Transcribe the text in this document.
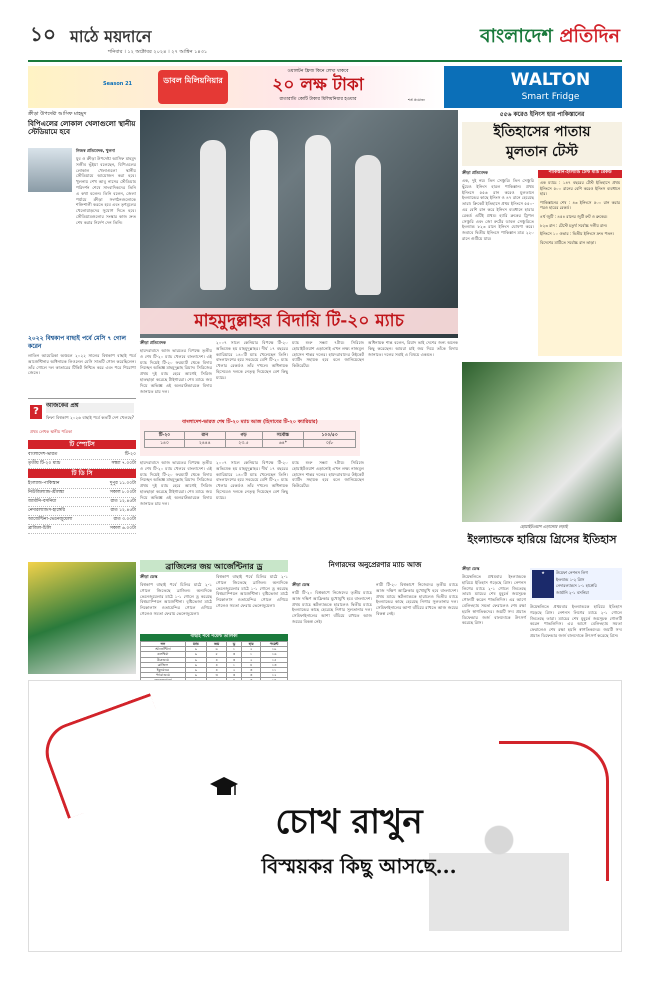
১০ মাঠে ময়দানে
শনিবার । ১২ অক্টোবর ২০২৪ । ২৭ আশ্বিন ১৪৩১
বাংলাদেশ প্রতিদিন
ডাবল মিলিয়নিয়ার
Season 21
ওয়ালটন ফ্রিজ কিনে লেখা থাকবে
২০ লক্ষ টাকা
রাতারাতি কোটি টাকার মিলিয়নিয়ার হওয়ার	শর্ত প্রযোজ্য
WALTON
Smart Fridge
ক্রীড়া উপদেষ্টা আসিফ মাহমুদ
বিপিএলের লোকাল খেলাগুলো স্থানীয় স্টেডিয়ামে হবে
নিজস্ব প্রতিবেদক, খুলনা
যুব ও ক্রীড়া উপদেষ্টা আসিফ মাহমুদ সজীব ভূঁইয়া বলেছেন, বিপিএলের লোকাল খেলাগুলো স্থানীয় স্টেডিয়ামে আয়োজন করা হবে। খুলনায় শেখ আবু নাসের স্টেডিয়াম পরিদর্শন শেষে সাংবাদিকদের তিনি এ কথা বলেন। তিনি বলেন, জেলা পর্যায়ে ক্রীড়া সংগঠনগুলোকে শক্তিশালী করতে হবে এবং তৃণমূলের খেলোয়াড়দের সুযোগ দিতে হবে। স্টেডিয়ামগুলোর সংস্কার কাজ দ্রুত শেষ করার নির্দেশ দেন তিনি।
২০২২ বিশ্বকাপ বাছাই পর্বে মেসি ৭ গোল করেন
লাতিন আমেরিকা অঞ্চলে ২০২২ সালের বিশ্বকাপ বাছাই পর্বে আর্জেন্টিনার অধিনায়ক লিওনেল মেসি সাতটি গোল করেছিলেন। তাঁর গোলে দল কাতারের টিকিট নিশ্চিত করে এবং পরে শিরোপা জেতে।
?
আজকের প্রশ্ন
ফিফা বিশ্বকাপ ২০২৬ বাছাই পর্বে কতটি দেশ খেলছে?
প্রথম লেখক স্থানীয় পত্রিকা
টি স্পোর্টস
বাংলাদেশ-ভারত	টি-২০
তৃতীয় টি-২০ ম্যাচ	সন্ধ্যা ৭.০০টা
টি ডি সি
ইংল্যান্ড-পাকিস্তান	দুপুর ১১.০০টা
নিউজিল্যান্ড-শ্রীলঙ্কা	সকাল ৮.০০টা
জার্মানি-বসনিয়া	রাত ১২.৪৫টা
নেদারল্যান্ডস-হাঙ্গেরি	রাত ১২.৪৫টা
আর্জেন্টিনা-ভেনেজুয়েলা	রাত ৩.০০টা
ব্রাজিল-চিলি	সকাল ৬.০০টা
মাহমুদুল্লাহর বিদায়ি টি-২০ ম্যাচ
ক্রীড়া প্রতিবেদক
হায়দরাবাদে আজ ভারতের বিপক্ষে তৃতীয় ও শেষ টি-২০ ম্যাচ খেলবে বাংলাদেশ। এই ম্যাচ দিয়েই টি-২০ ফরম্যাট থেকে বিদায় নিচ্ছেন অভিজ্ঞ মাহমুদুল্লাহ রিয়াদ। সিরিজের প্রথম দুই ম্যাচ হেরে আগেই সিরিজ হাতছাড়া করেছে টাইগাররা। শেষ ম্যাচে জয় দিয়ে অভিজ্ঞ এই অলরাউন্ডারকে বিদায় জানাতে চায় দল।
২০০৭ সালে কেনিয়ার বিপক্ষে টি-২০ অভিষেক হয় মাহমুদুল্লাহর। দীর্ঘ ১৭ বছরের ক্যারিয়ারে ১৪০টি ম্যাচ খেলেছেন তিনি। বাংলাদেশের হয়ে সবচেয়ে বেশি টি-২০ ম্যাচ খেলার রেকর্ডও তাঁর দখলে। অধিনায়ক হিসেবেও দলকে নেতৃত্ব দিয়েছেন বেশ কিছু ম্যাচে।
ম্যাচ শুরু সন্ধ্যা ৭টায়। সিরিজে হোয়াইটওয়াশ এড়ানোই এখন লক্ষ্য নাজমুল হোসেন শান্তর দলের। হায়দরাবাদের উইকেট ব্যাটিং সহায়ক হবে বলে জানিয়েছেন কিউরেটর।
অধিনায়ক শান্ত বলেন, রিয়াদ ভাই দেশের জন্য অনেক কিছু করেছেন। আমরা চাই জয় দিয়ে তাঁকে বিদায় জানাতে। দলের সবাই এ বিষয়ে একমত।
বাংলাদেশ-ভারত শেষ টি-২০ ম্যাচ আজ (হিসাবের টি-২০ ক্যারিয়ার)
টি-২০	রান	গড়	সর্বোচ্চ	১০০/৫০
১৪০	২৪৪৪	২৩.৫	৬৪*	০/৮
হায়দরাবাদে আজ ভারতের বিপক্ষে তৃতীয় ও শেষ টি-২০ ম্যাচ খেলবে বাংলাদেশ। এই ম্যাচ দিয়েই টি-২০ ফরম্যাট থেকে বিদায় নিচ্ছেন অভিজ্ঞ মাহমুদুল্লাহ রিয়াদ। সিরিজের প্রথম দুই ম্যাচ হেরে আগেই সিরিজ হাতছাড়া করেছে টাইগাররা। শেষ ম্যাচে জয় দিয়ে অভিজ্ঞ এই অলরাউন্ডারকে বিদায় জানাতে চায় দল।
২০০৭ সালে কেনিয়ার বিপক্ষে টি-২০ অভিষেক হয় মাহমুদুল্লাহর। দীর্ঘ ১৭ বছরের ক্যারিয়ারে ১৪০টি ম্যাচ খেলেছেন তিনি। বাংলাদেশের হয়ে সবচেয়ে বেশি টি-২০ ম্যাচ খেলার রেকর্ডও তাঁর দখলে। অধিনায়ক হিসেবেও দলকে নেতৃত্ব দিয়েছেন বেশ কিছু ম্যাচে।
ম্যাচ শুরু সন্ধ্যা ৭টায়। সিরিজে হোয়াইটওয়াশ এড়ানোই এখন লক্ষ্য নাজমুল হোসেন শান্তর দলের। হায়দরাবাদের উইকেট ব্যাটিং সহায়ক হবে বলে জানিয়েছেন কিউরেটর।
৫৫৬ করেও ইনিংস হার পাকিস্তানের
ইতিহাসের পাতায়
মুলতান টেস্ট
ক্রীড়া প্রতিবেদক
এক, দুই নয়। তিন সেঞ্চুরি। তিন সেঞ্চুরি ছুঁয়েও ইনিংস হারল পাকিস্তান। প্রথম ইনিংসে ৫৫৬ রান করেও মুলতানে ইংল্যান্ডের কাছে ইনিংস ও ৪৭ রানে হেরেছে তারা। ক্রিকেট ইতিহাসে প্রথম ইনিংসে ৫৫০-এর বেশি রান করে ইনিংস ব্যবধানে হারার রেকর্ড এটিই প্রথম। হ্যারি ব্রুকের ট্রিপল সেঞ্চুরি এবং জো রুটের ডাবল সেঞ্চুরিতে ইংল্যান্ড ৮২৩ রানে ইনিংস ঘোষণা করে। জবাবে দ্বিতীয় ইনিংসে পাকিস্তান মাত্র ২২০ রানে গুটিয়ে যায়।
পাকিস্তান-ইংল্যান্ড টেস্ট ম্যাচ রেকর্ড
এক ম্যাচে : ১৪৭ বছরের টেস্ট ইতিহাসে প্রথম ইনিংসে ৫০০ রানের বেশি করেও ইনিংস ব্যবধানে হার।
পাকিস্তানের শেষ : ৪৩ ইনিংসে ৫০০ রান করার পরও হারের রেকর্ড।
৪র্থ জুটি : ৪৫৪ রানের জুটি রুট ও ব্রুকের।
৮২৩ রান : টেস্টে চতুর্থ সর্বোচ্চ দলীয় রান।
ইনিংসে ১০ ওভার : দ্বিতীয় ইনিংসে দ্রুত পতন।
বিদেশের মাটিতে সর্বোচ্চ রান তাড়া।
হোয়াইটওয়াশ এড়ানোর লড়াই
ইংল্যান্ডকে হারিয়ে গ্রিসের ইতিহাস
ক্রীড়া ডেস্ক
উয়েম্বলিতে প্রথমবার ইংল্যান্ডকে হারিয়ে ইতিহাস গড়েছে গ্রিস। নেশনস লিগের ম্যাচে ২-১ গোলে জিতেছে তারা। ম্যাচের শেষ মুহূর্তে জয়সূচক গোলটি করেন পাভলিদিস। এর আগে বেলিংহ্যাম সমতা ফেরালেও শেষ রক্ষা হয়নি স্বাগতিকদের। জয়টি সদ্য প্রয়াত ডিফেন্ডার জর্জ বালদোকে উৎসর্গ করেছে গ্রিস।
★	উয়েফা নেশনস লিগ
ইংল্যান্ড ১-২ গ্রিস
নেদারল্যান্ডস ১-১ হাঙ্গেরি
জার্মানি ২-১ বসনিয়া
উয়েম্বলিতে প্রথমবার ইংল্যান্ডকে হারিয়ে ইতিহাস গড়েছে গ্রিস। নেশনস লিগের ম্যাচে ২-১ গোলে জিতেছে তারা। ম্যাচের শেষ মুহূর্তে জয়সূচক গোলটি করেন পাভলিদিস। এর আগে বেলিংহ্যাম সমতা ফেরালেও শেষ রক্ষা হয়নি স্বাগতিকদের। জয়টি সদ্য প্রয়াত ডিফেন্ডার জর্জ বালদোকে উৎসর্গ করেছে গ্রিস।
নিগারদের অনুপ্রেরণার ম্যাচ আজ
ক্রীড়া ডেস্ক
নারী টি-২০ বিশ্বকাপে নিজেদের তৃতীয় ম্যাচে আজ দক্ষিণ আফ্রিকার মুখোমুখি হবে বাংলাদেশ। প্রথম ম্যাচে স্কটল্যান্ডকে হারালেও দ্বিতীয় ম্যাচে ইংল্যান্ডের কাছে হেরেছে নিগার সুলতানার দল। সেমিফাইনালের আশা বাঁচিয়ে রাখতে আজ জয়ের বিকল্প নেই।
নারী টি-২০ বিশ্বকাপে নিজেদের তৃতীয় ম্যাচে আজ দক্ষিণ আফ্রিকার মুখোমুখি হবে বাংলাদেশ। প্রথম ম্যাচে স্কটল্যান্ডকে হারালেও দ্বিতীয় ম্যাচে ইংল্যান্ডের কাছে হেরেছে নিগার সুলতানার দল। সেমিফাইনালের আশা বাঁচিয়ে রাখতে আজ জয়ের বিকল্প নেই।
ব্রাজিলের জয় আর্জেন্টিনার ড্র
ক্রীড়া ডেস্ক
বিশ্বকাপ বাছাই পর্বে চিলির মাঠে ২-১ গোলে জিতেছে ব্রাজিল। অন্যদিকে ভেনেজুয়েলার মাঠে ১-১ গোলে ড্র করেছে বিশ্বচ্যাম্পিয়ন আর্জেন্টিনা। বৃষ্টিভেজা মাঠে নিকোলাস ওতামেন্দির গোলে এগিয়ে গেলেও সমতা ফেরায় ভেনেজুয়েলা।
বিশ্বকাপ বাছাই পর্বে চিলির মাঠে ২-১ গোলে জিতেছে ব্রাজিল। অন্যদিকে ভেনেজুয়েলার মাঠে ১-১ গোলে ড্র করেছে বিশ্বচ্যাম্পিয়ন আর্জেন্টিনা। বৃষ্টিভেজা মাঠে নিকোলাস ওতামেন্দির গোলে এগিয়ে গেলেও সমতা ফেরায় ভেনেজুয়েলা।
বাছাই পর্বে পয়েন্ট তালিকা
দল	ম্যাচ	জয়	ড্র	হার	পয়েন্ট
আর্জেন্টিনা	৯	৬	১	২	১৯
কলম্বিয়া	৯	৫	৩	১	১৬
উরুগুয়ে	৯	৪	৩	২	১৫
ব্রাজিল	৯	৪	১	৪	১৩
ইকুয়েডর	৯	৪	২	৩	১১
প্যারাগুয়ে	৯	৩	৩	৩	১২

চোখ রাখুন
বিস্ময়কর কিছু আসছে...
